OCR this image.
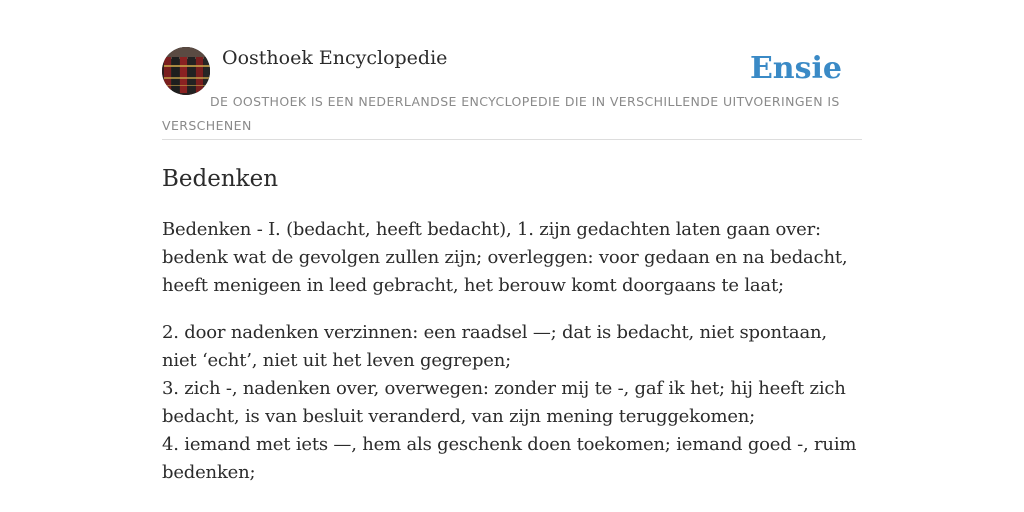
Oosthoek Encyclopedie	Ensie
DE OOSTHOEK IS EEN NEDERLANDSE ENCYCLOPEDIE DIE IN VERSCHILLENDE UITVOERINGEN IS VERSCHENEN
Bedenken

Bedenken - I. (bedacht, heeft bedacht), 1. zijn gedachten laten gaan over: bedenk wat de gevolgen zullen zijn; overleggen: voor gedaan en na bedacht, heeft menigeen in leed gebracht, het berouw komt doorgaans te laat;

2. door nadenken verzinnen: een raadsel —; dat is bedacht, niet spontaan, niet ‘echt’, niet uit het leven gegrepen;

3. zich -, nadenken over, overwegen: zonder mij te -, gaf ik het; hij heeft zich bedacht, is van besluit veranderd, van zijn mening teruggekomen;

4. iemand met iets —, hem als geschenk doen toekomen; iemand goed -, ruim bedenken;
